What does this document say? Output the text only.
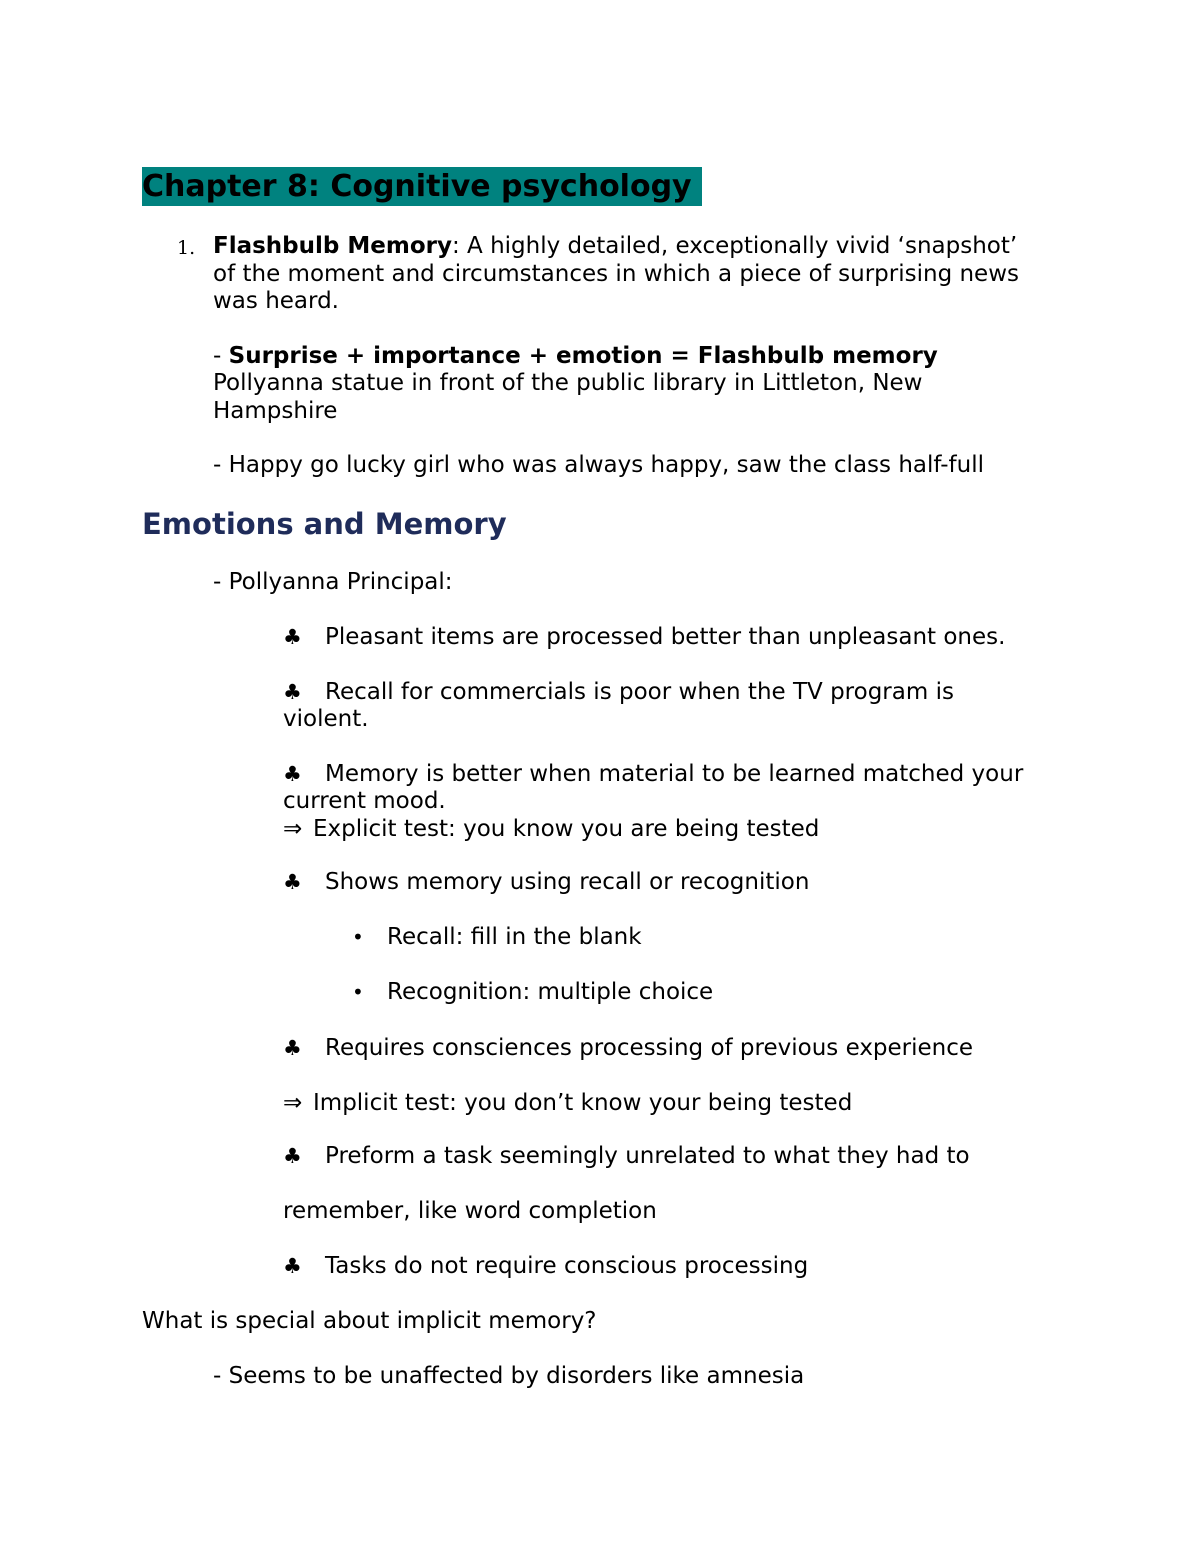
Chapter 8: Cognitive psychology
1. Flashbulb Memory: A highly detailed, exceptionally vivid ‘snapshot’
of the moment and circumstances in which a piece of surprising news
was heard.
- Surprise + importance + emotion = Flashbulb memory
Pollyanna statue in front of the public library in Littleton, New
Hampshire
- Happy go lucky girl who was always happy, saw the class half-full
Emotions and Memory
- Pollyanna Principal:
♣ Pleasant items are processed better than unpleasant ones.
♣ Recall for commercials is poor when the TV program is
violent.
♣ Memory is better when material to be learned matched your
current mood.
⇒ Explicit test: you know you are being tested
♣ Shows memory using recall or recognition
• Recall: fill in the blank
• Recognition: multiple choice
♣ Requires consciences processing of previous experience
⇒ Implicit test: you don’t know your being tested
♣ Preform a task seemingly unrelated to what they had to
remember, like word completion
♣ Tasks do not require conscious processing
What is special about implicit memory?
- Seems to be unaffected by disorders like amnesia
